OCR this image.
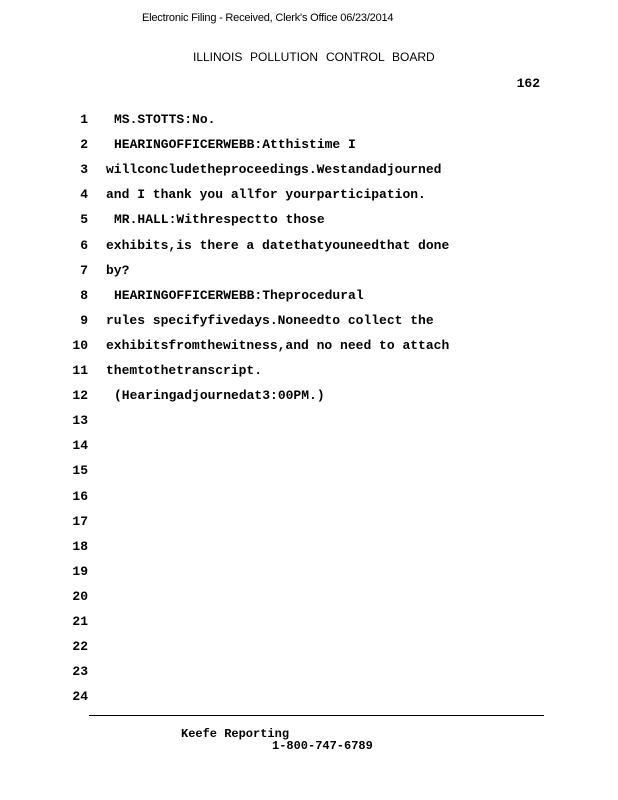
Electronic Filing - Received, Clerk's Office 06/23/2014
ILLINOIS POLLUTION CONTROL BOARD
162
1 MS.STOTTS:No.
2 HEARINGOFFICERWEBB:Atthistime I
3 willconcludetheproceedings.Westandadjourned
4 and I thank you allfor yourparticipation.
5 MR.HALL:Withrespectto those
6 exhibits,is there a datethatyouneedthat done
7 by?
8 HEARINGOFFICERWEBB:Theprocedural
9 rules specifyfivedays.Noneedto collect the
10 exhibitsfromthewitness,and no need to attach
11 themtothetranscript.
12 (Hearingadjournedat3:00PM.)
13
14
15
16
17
18
19
20
21
22
23
24
Keefe Reporting
1-800-747-6789
